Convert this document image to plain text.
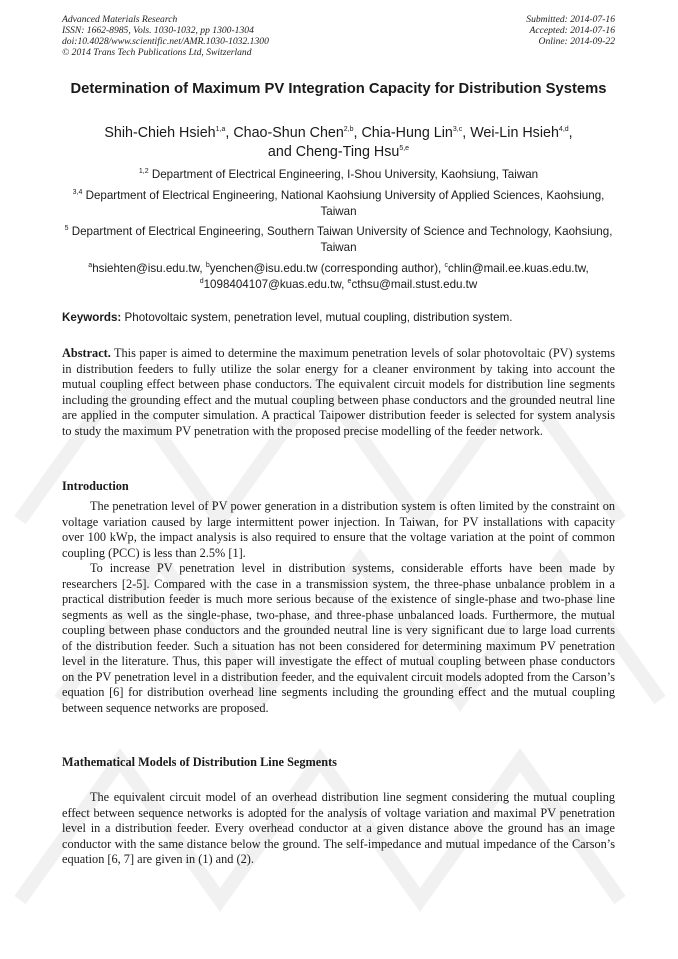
Advanced Materials Research
ISSN: 1662-8985, Vols. 1030-1032, pp 1300-1304
doi:10.4028/www.scientific.net/AMR.1030-1032.1300
© 2014 Trans Tech Publications Ltd, Switzerland
Submitted: 2014-07-16
Accepted: 2014-07-16
Online: 2014-09-22
Determination of Maximum PV Integration Capacity for Distribution Systems
Shih-Chieh Hsieh$^{1,a}$, Chao-Shun Chen$^{2,b}$, Chia-Hung Lin$^{3,c}$, Wei-Lin Hsieh$^{4,d}$,
and Cheng-Ting Hsu$^{5,e}$
$^{1,2}$ Department of Electrical Engineering, I-Shou University, Kaohsiung, Taiwan
$^{3,4}$ Department of Electrical Engineering, National Kaohsiung University of Applied Sciences, Kaohsiung, Taiwan
$^5$ Department of Electrical Engineering, Southern Taiwan University of Science and Technology, Kaohsiung, Taiwan
$^a$hsiehten@isu.edu.tw, $^b$yenchen@isu.edu.tw (corresponding author), $^c$chlin@mail.ee.kuas.edu.tw,
$^d$1098404107@kuas.edu.tw, $^e$cthsu@mail.stust.edu.tw
Keywords: Photovoltaic system, penetration level, mutual coupling, distribution system.
Abstract. This paper is aimed to determine the maximum penetration levels of solar photovoltaic (PV) systems in distribution feeders to fully utilize the solar energy for a cleaner environment by taking into account the mutual coupling effect between phase conductors. The equivalent circuit models for distribution line segments including the grounding effect and the mutual coupling between phase conductors and the grounded neutral line are applied in the computer simulation. A practical Taipower distribution feeder is selected for system analysis to study the maximum PV penetration with the proposed precise modelling of the feeder network.
Introduction
The penetration level of PV power generation in a distribution system is often limited by the constraint on voltage variation caused by large intermittent power injection. In Taiwan, for PV installations with capacity over 100 kWp, the impact analysis is also required to ensure that the voltage variation at the point of common coupling (PCC) is less than 2.5% [1].
To increase PV penetration level in distribution systems, considerable efforts have been made by researchers [2-5]. Compared with the case in a transmission system, the three-phase unbalance problem in a practical distribution feeder is much more serious because of the existence of single-phase and two-phase line segments as well as the single-phase, two-phase, and three-phase unbalanced loads. Furthermore, the mutual coupling between phase conductors and the grounded neutral line is very significant due to large load currents of the distribution feeder. Such a situation has not been considered for determining maximum PV penetration level in the literature. Thus, this paper will investigate the effect of mutual coupling between phase conductors on the PV penetration level in a distribution feeder, and the equivalent circuit models adopted from the Carson’s equation [6] for distribution overhead line segments including the grounding effect and the mutual coupling between sequence networks are proposed.
Mathematical Models of Distribution Line Segments
The equivalent circuit model of an overhead distribution line segment considering the mutual coupling effect between sequence networks is adopted for the analysis of voltage variation and maximal PV penetration level in a distribution feeder. Every overhead conductor at a given distance above the ground has an image conductor with the same distance below the ground. The self-impedance and mutual impedance of the Carson’s equation [6, 7] are given in (1) and (2).
